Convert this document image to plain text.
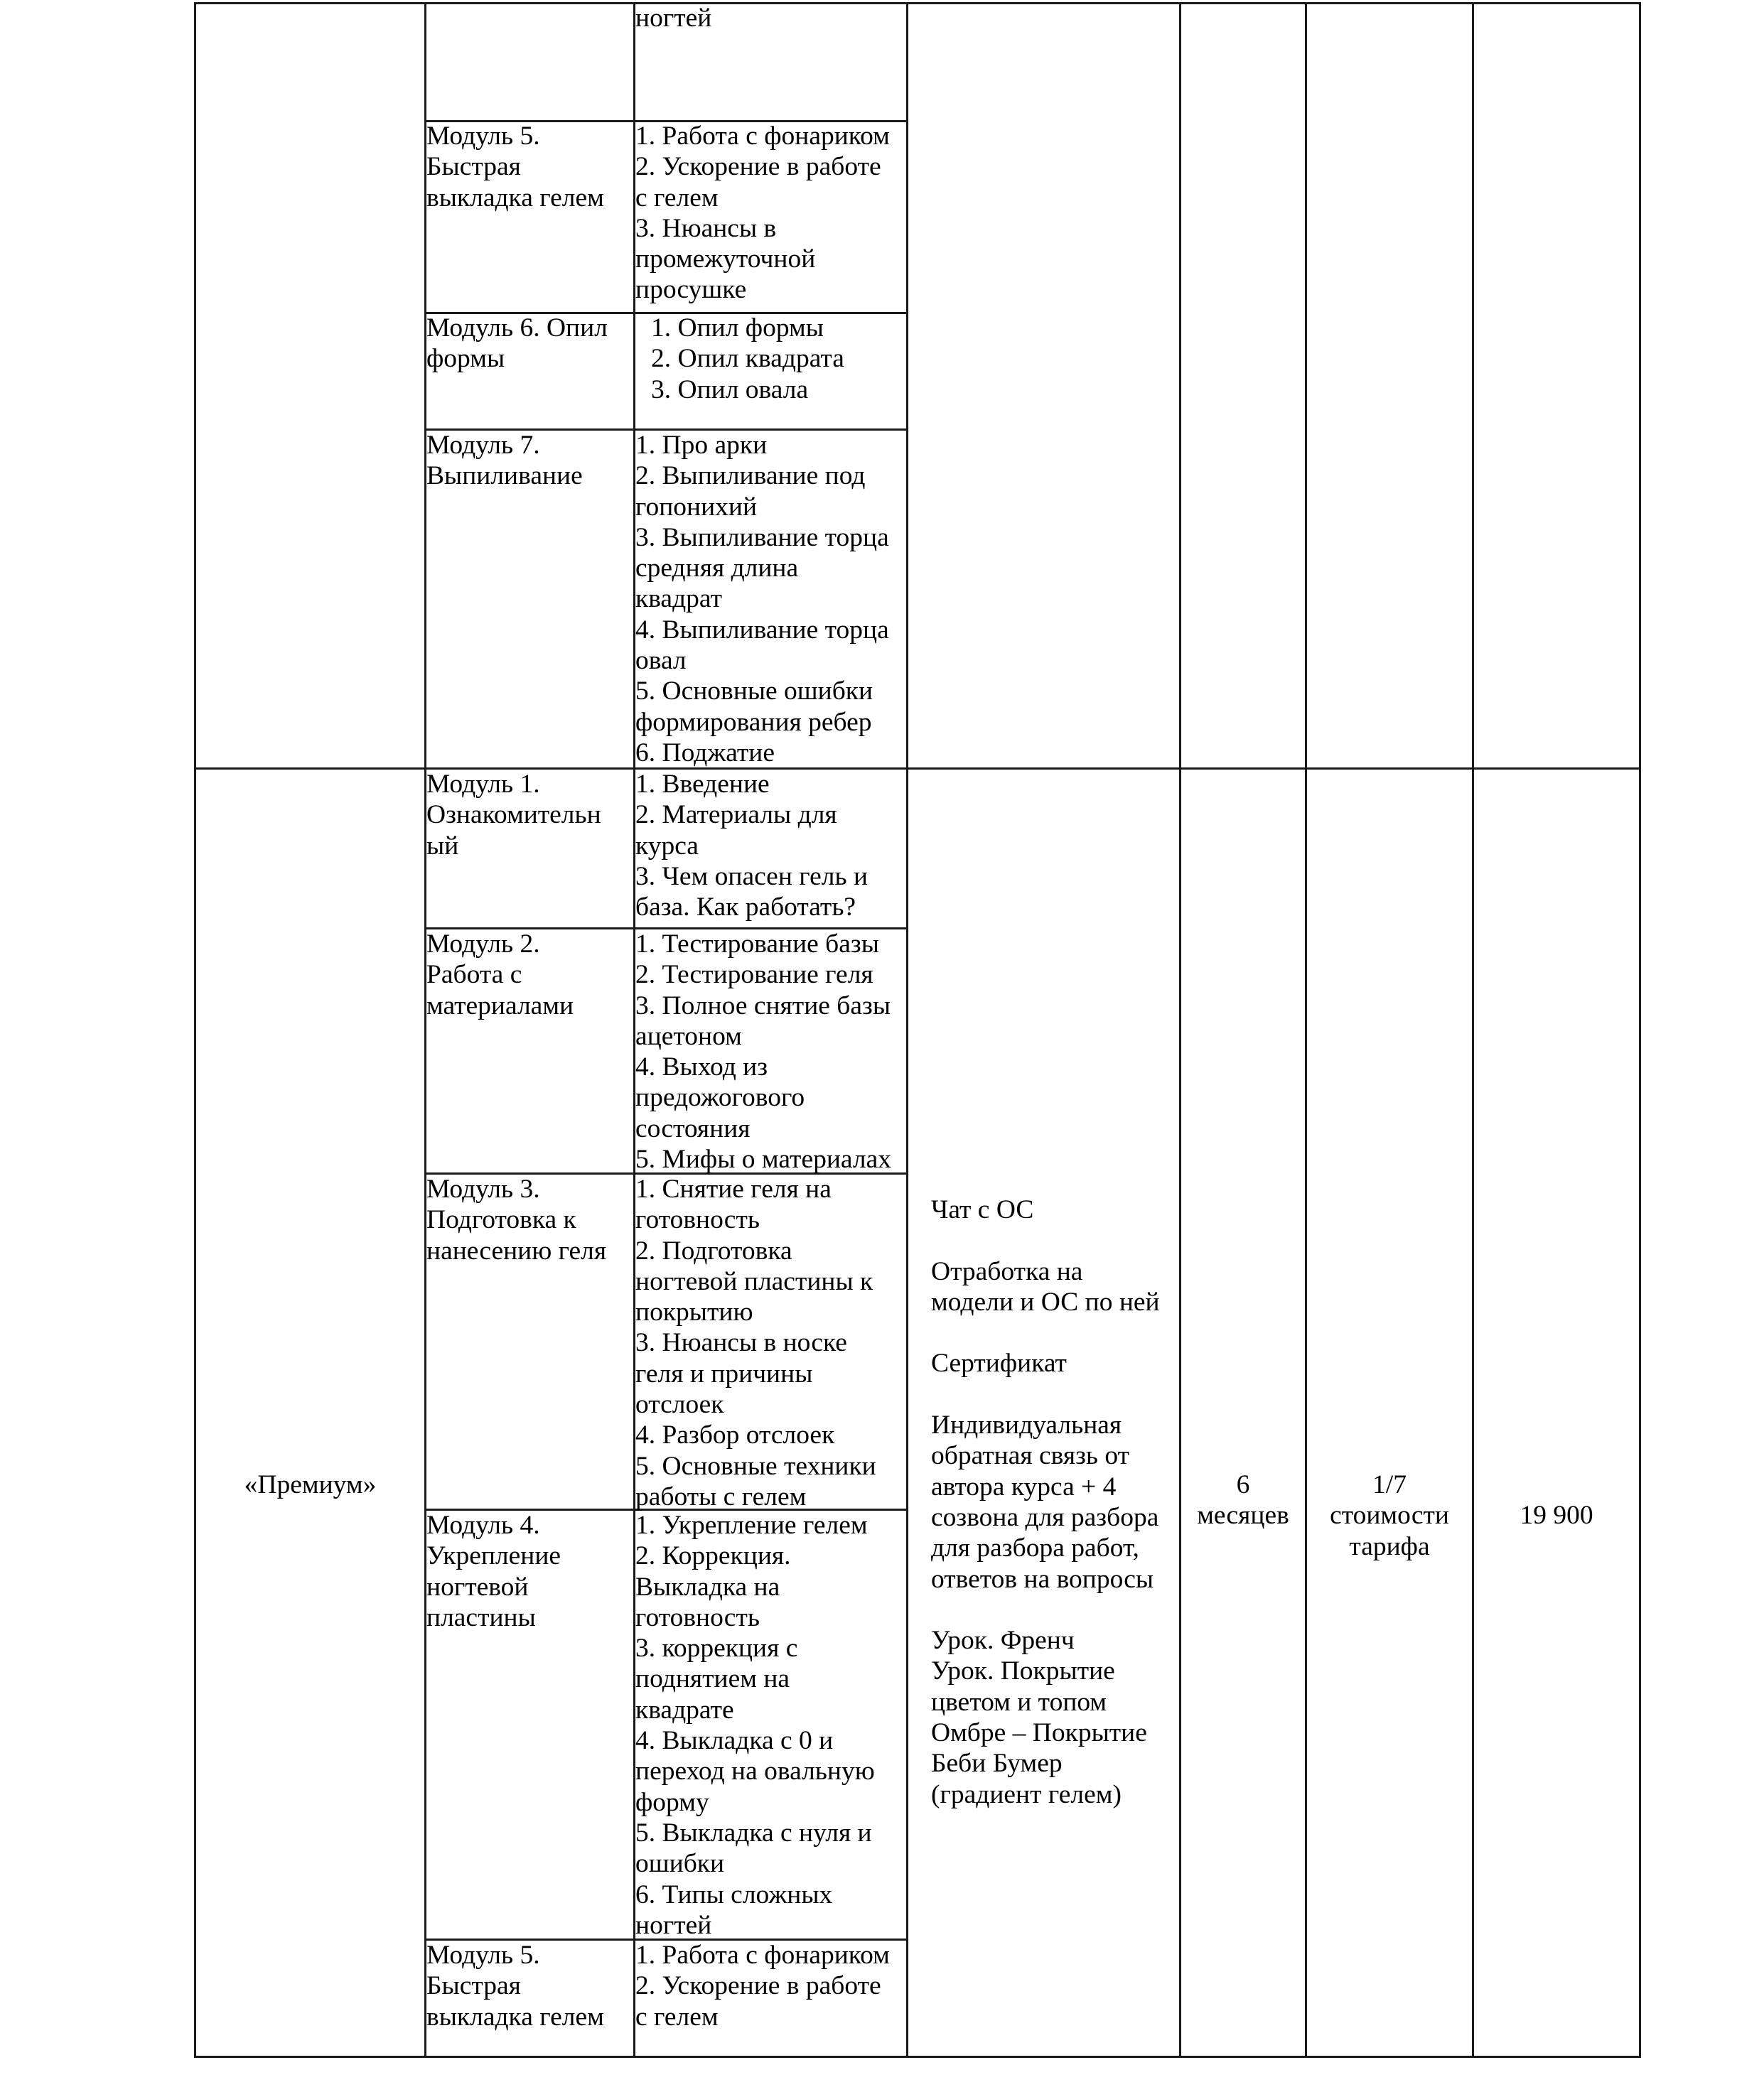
ногтей
Модуль 5.
Быстрая
выкладка гелем
1. Работа с фонариком
2. Ускорение в работе
с гелем
3. Нюансы в
промежуточной
просушке
Модуль 6. Опил
формы
1. Опил формы
2. Опил квадрата
3. Опил овала
Модуль 7.
Выпиливание
1. Про арки
2. Выпиливание под
гопонихий
3. Выпиливание торца
средняя длина
квадрат
4. Выпиливание торца
овал
5. Основные ошибки
формирования ребер
6. Поджатие
«Премиум»
Модуль 1.
Ознакомительн
ый
1. Введение
2. Материалы для
курса
3. Чем опасен гель и
база. Как работать?
Модуль 2.
Работа с
материалами
1. Тестирование базы
2. Тестирование геля
3. Полное снятие базы
ацетоном
4. Выход из
предожогового
состояния
5. Мифы о материалах
Модуль 3.
Подготовка к
нанесению геля
1. Снятие геля на
готовность
2. Подготовка
ногтевой пластины к
покрытию
3. Нюансы в носке
геля и причины
отслоек
4. Разбор отслоек
5. Основные техники
работы с гелем
Модуль 4.
Укрепление
ногтевой
пластины
1. Укрепление гелем
2. Коррекция.
Выкладка на
готовность
3. коррекция с
поднятием на
квадрате
4. Выкладка с 0 и
переход на овальную
форму
5. Выкладка с нуля и
ошибки
6. Типы сложных
ногтей
Модуль 5.
Быстрая
выкладка гелем
1. Работа с фонариком
2. Ускорение в работе
с гелем
Чат с ОС

Отработка на
модели и ОС по ней

Сертификат

Индивидуальная
обратная связь от
автора курса + 4
созвона для разбора
для разбора работ,
ответов на вопросы

Урок. Френч
Урок. Покрытие
цветом и топом
Омбре – Покрытие
Беби Бумер
(градиент гелем)
6
месяцев
1/7
стоимости
тарифа
19 900
